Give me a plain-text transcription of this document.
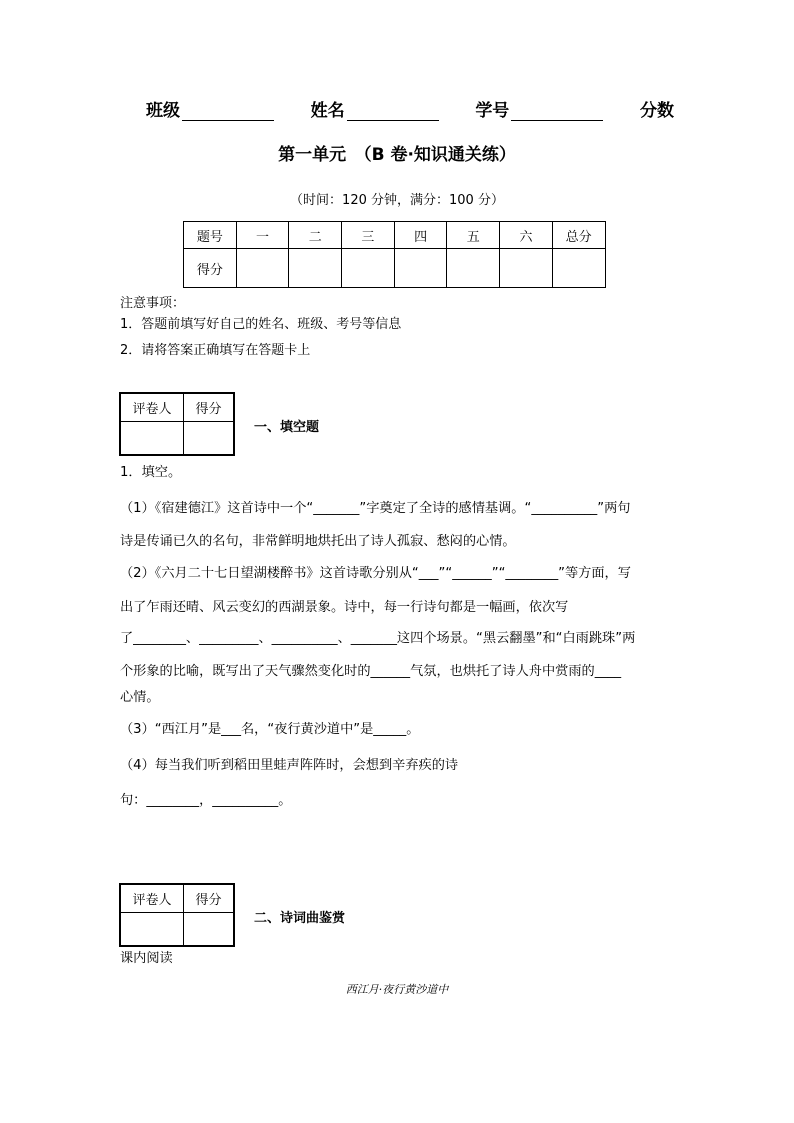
班级	姓名	学号	分数
第一单元　（B 卷·知识通关练）
（时间：120 分钟，满分：100 分）
题号	一	二	三	四	五	六	总分
得分							
注意事项：
1．答题前填写好自己的姓名、班级、考号等信息
2．请将答案正确填写在答题卡上
评卷人	得分

一、填空题
1．填空。
（1）《宿建德江》这首诗中一个“_______”字奠定了全诗的感情基调。“__________”两句
诗是传诵已久的名句，非常鲜明地烘托出了诗人孤寂、愁闷的心情。
（2）《六月二十七日望湖楼醉书》这首诗歌分别从“___”“______”“________”等方面，写
出了乍雨还晴、风云变幻的西湖景象。诗中，每一行诗句都是一幅画，依次写
了________、_________、__________、_______这四个场景。“黑云翻墨”和“白雨跳珠”两
个形象的比喻，既写出了天气骤然变化时的______气氛，也烘托了诗人舟中赏雨的____
心情。
（3）“西江月”是___名，“夜行黄沙道中”是_____。
（4）每当我们听到稻田里蛙声阵阵时，会想到辛弃疾的诗
句：________，__________。
评卷人	得分

二、诗词曲鉴赏
课内阅读
西江月·夜行黄沙道中
